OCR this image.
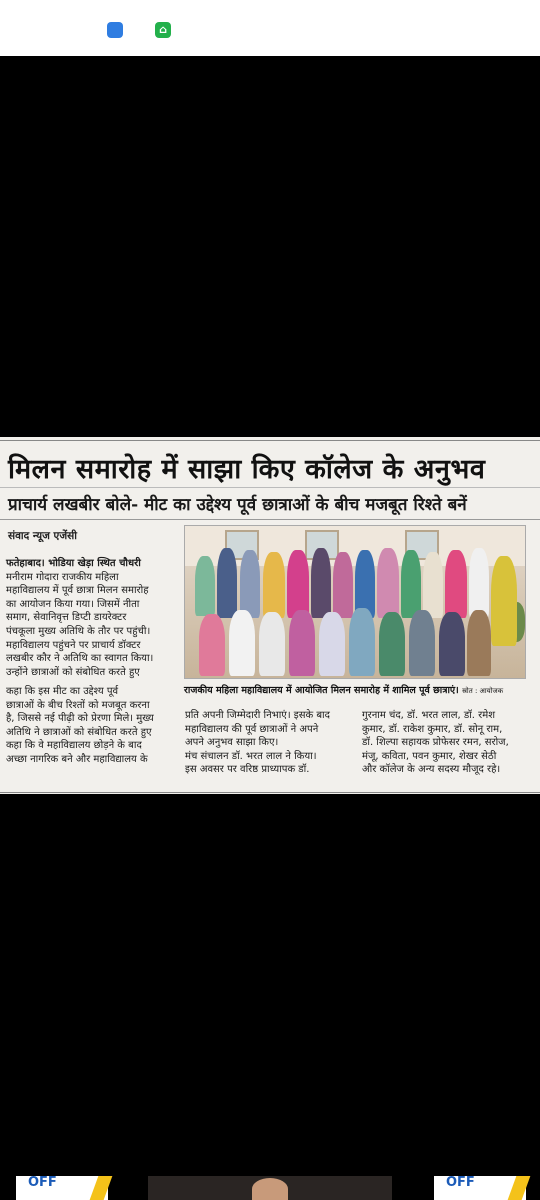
⌂
मिलन समारोह में साझा किए कॉलेज के अनुभव
प्राचार्य लखबीर बोले- मीट का उद्देश्य पूर्व छात्राओं के बीच मजबूत रिश्ते बनें
संवाद न्यूज एजेंसी
फतेहाबाद। भोडिया खेड़ा स्थित चौधरी
मनीराम गोदारा राजकीय महिला
महाविद्यालय में पूर्व छात्रा मिलन समारोह
का आयोजन किया गया। जिसमें नीता
समाग, सेवानिवृत्त डिप्टी डायरेक्टर
पंचकूला मुख्य अतिथि के तौर पर पहुंची।
महाविद्यालय पहुंचने पर प्राचार्य डॉक्टर
लखबीर कौर ने अतिथि का स्वागत किया।
उन्होंने छात्राओं को संबोधित करते हुए
कहा कि इस मीट का उद्देश्य पूर्व
छात्राओं के बीच रिश्तों को मजबूत करना
है, जिससे नई पीढ़ी को प्रेरणा मिले। मुख्य
अतिथि ने छात्राओं को संबोधित करते हुए
कहा कि वे महाविद्यालय छोड़ने के बाद
अच्छा नागरिक बने और महाविद्यालय के
राजकीय महिला महाविद्यालय में आयोजित मिलन समारोह में शामिल पूर्व छात्राएं। स्रोत : आयोजक
प्रति अपनी जिम्मेदारी निभाएं। इसके बाद
महाविद्यालय की पूर्व छात्राओं ने अपने
अपने अनुभव साझा किए।
मंच संचालन डॉ. भरत लाल ने किया।
इस अवसर पर वरिष्ठ प्राध्यापक डॉ.
गुरनाम चंद, डॉ. भरत लाल, डॉ. रमेश
कुमार, डॉ. राकेश कुमार, डॉ. सोनू राम,
डॉ. शिल्पा सहायक प्रोफेसर रमन, सरोज,
मंजू, कविता, पवन कुमार, शेखर सेठी
और कॉलेज के अन्य सदस्य मौजूद रहे।
OFF	OFF
